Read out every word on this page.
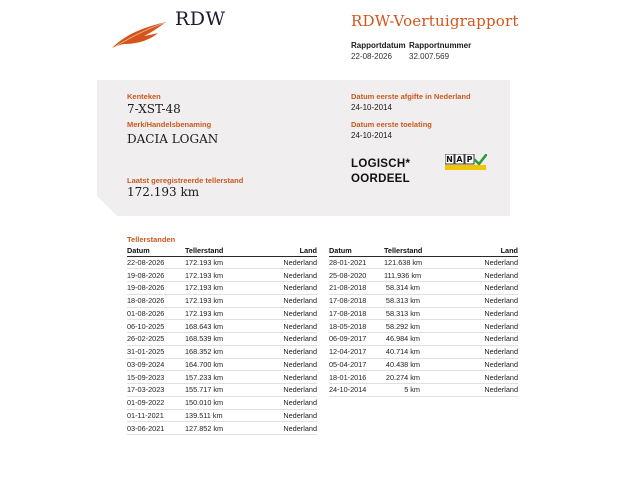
RDW	RDW-Voertuigrapport
Rapportdatum
22-08-2026
Rapportnummer
32.007.569
Kenteken
7-XST-48
Merk/Handelsbenaming
DACIA LOGAN
Laatst geregistreerde tellerstand
172.193 km
Datum eerste afgifte in Nederland
24-10-2014
Datum eerste toelating
24-10-2014
LOGISCH*
OORDEEL
N A P
Tellerstanden
Datum	Tellerstand	Land
22-08-2026	172.193 km	Nederland
19-08-2026	172.193 km	Nederland
19-08-2026	172.193 km	Nederland
18-08-2026	172.193 km	Nederland
01-08-2026	172.193 km	Nederland
06-10-2025	168.643 km	Nederland
26-02-2025	168.539 km	Nederland
31-01-2025	168.352 km	Nederland
03-09-2024	164.700 km	Nederland
15-09-2023	157.233 km	Nederland
17-03-2023	155.717 km	Nederland
01-09-2022	150.010 km	Nederland
01-11-2021	139.511 km	Nederland
03-06-2021	127.852 km	Nederland
Datum	Tellerstand	Land
28-01-2021	121.638 km	Nederland
25-08-2020	111.936 km	Nederland
21-08-2018	58.314 km	Nederland
17-08-2018	58.313 km	Nederland
17-08-2018	58.313 km	Nederland
18-05-2018	58.292 km	Nederland
06-09-2017	46.984 km	Nederland
12-04-2017	40.714 km	Nederland
05-04-2017	40.438 km	Nederland
18-01-2016	20.274 km	Nederland
24-10-2014	5 km	Nederland
